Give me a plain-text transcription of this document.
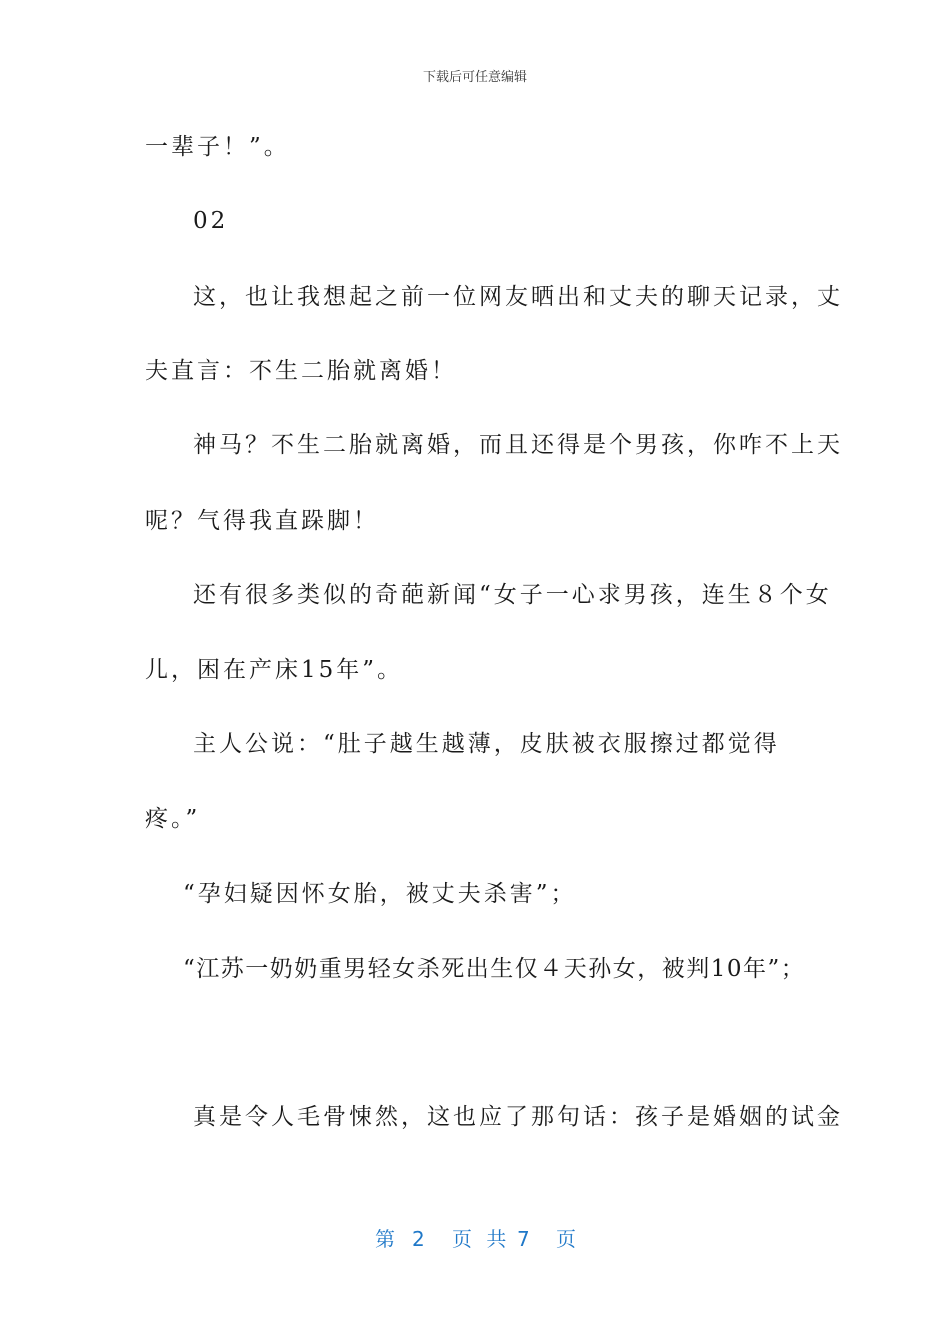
下载后可任意编辑
一辈子！”。
02
这，也让我想起之前一位网友晒出和丈夫的聊天记录，丈
夫直言：不生二胎就离婚！
神马？不生二胎就离婚，而且还得是个男孩，你咋不上天
呢？气得我直跺脚！
还有很多类似的奇葩新闻“女子一心求男孩，连生８个女
儿，困在产床15年”。
主人公说：“肚子越生越薄，皮肤被衣服擦过都觉得
疼。”
“孕妇疑因怀女胎，被丈夫杀害”；
“江苏一奶奶重男轻女杀死出生仅４天孙女，被判10年”；
真是令人毛骨悚然，这也应了那句话：孩子是婚姻的试金
第 2 页 共 7 页
